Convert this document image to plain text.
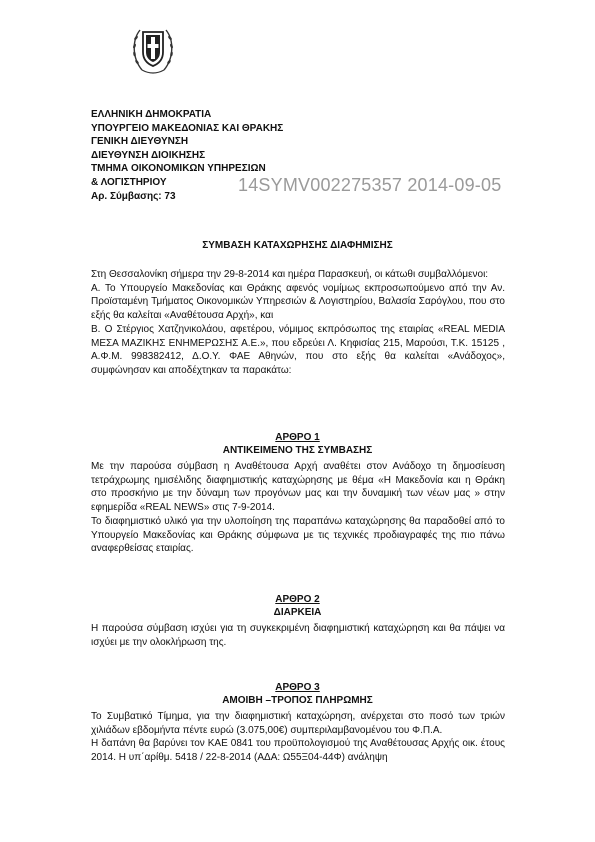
ΕΛΛΗΝΙΚΗ ΔΗΜΟΚΡΑΤΙΑ
ΥΠΟΥΡΓΕΙΟ ΜΑΚΕΔΟΝΙΑΣ ΚΑΙ ΘΡΑΚΗΣ
ΓΕΝΙΚΗ ΔΙΕΥΘΥΝΣΗ
ΔΙΕΥΘΥΝΣΗ ΔΙΟΙΚΗΣΗΣ
ΤΜΗΜΑ ΟΙΚΟΝΟΜΙΚΩΝ ΥΠΗΡΕΣΙΩΝ
& ΛΟΓΙΣΤΗΡΙΟΥ
Αρ. Σύμβασης: 73
14SYMV002275357 2014-09-05
ΣΥΜΒΑΣΗ ΚΑΤΑΧΩΡΗΣΗΣ ΔΙΑΦΗΜΙΣΗΣ

Στη Θεσσαλονίκη σήμερα την 29-8-2014 και ημέρα Παρασκευή, οι κάτωθι συμβαλλόμενοι:

Α. Το Υπουργείο Μακεδονίας και Θράκης αφενός νομίμως εκπροσωπούμενο από την Αν. Προϊσταμένη Τμήματος Οικονομικών Υπηρεσιών & Λογιστηρίου, Βαλασία Σαρόγλου, που στο εξής θα καλείται «Αναθέτουσα Αρχή», και

Β. Ο Στέργιος Χατζηνικολάου, αφετέρου, νόμιμος εκπρόσωπος της εταιρίας «REAL MEDIA ΜΕΣΑ ΜΑΖΙΚΗΣ ΕΝΗΜΕΡΩΣΗΣ Α.Ε.», που εδρεύει Λ. Κηφισίας 215, Μαρούσι, Τ.Κ. 15125 , Α.Φ.Μ. 998382412, Δ.Ο.Υ. ΦΑΕ Αθηνών, που στο εξής θα καλείται «Ανάδοχος», συμφώνησαν και αποδέχτηκαν τα παρακάτω:

ΑΡΘΡΟ 1
ΑΝΤΙΚΕΙΜΕΝΟ ΤΗΣ ΣΥΜΒΑΣΗΣ

Με την παρούσα σύμβαση η Αναθέτουσα Αρχή αναθέτει στον Ανάδοχο τη δημοσίευση τετράχρωμης ημισέλιδης διαφημιστικής καταχώρησης με θέμα «Η Μακεδονία και η Θράκη στο προσκήνιο με την δύναμη των προγόνων μας και την δυναμική των νέων μας » στην εφημερίδα «REAL NEWS» στις 7-9-2014.

Το διαφημιστικό υλικό για την υλοποίηση της παραπάνω καταχώρησης θα παραδοθεί από το Υπουργείο Μακεδονίας και Θράκης σύμφωνα με τις τεχνικές προδιαγραφές της πιο πάνω αναφερθείσας εταιρίας.

ΑΡΘΡΟ 2
ΔΙΑΡΚΕΙΑ

Η παρούσα σύμβαση ισχύει για τη συγκεκριμένη διαφημιστική καταχώρηση και θα πάψει να ισχύει με την ολοκλήρωση της.

ΑΡΘΡΟ 3
ΑΜΟΙΒΗ –ΤΡΟΠΟΣ ΠΛΗΡΩΜΗΣ

Το Συμβατικό Τίμημα, για την διαφημιστική καταχώρηση, ανέρχεται στο ποσό των τριών χιλιάδων εβδομήντα πέντε ευρώ (3.075,00€) συμπεριλαμβανομένου του Φ.Π.Α.

Η δαπάνη θα βαρύνει τον ΚΑΕ 0841 του προϋπολογισμού της Αναθέτουσας Αρχής οικ. έτους 2014. Η υπ΄αρίθμ. 5418 / 22-8-2014 (ΑΔΑ: Ω55Ξ04-44Φ) ανάληψη
